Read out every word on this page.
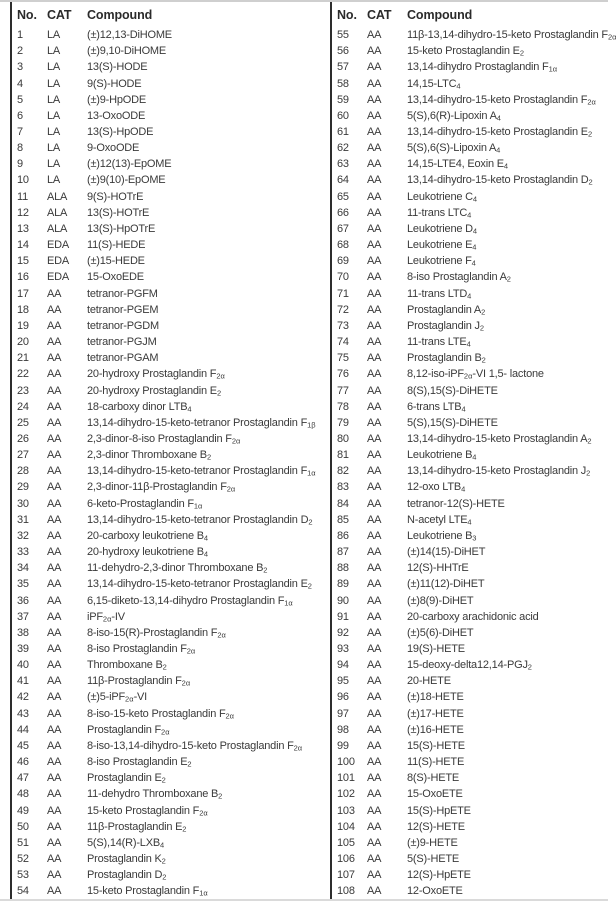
No. CAT	Compound
1	LA	(±)12,13-DiHOME
2	LA	(±)9,10-DiHOME
3	LA	13(S)-HODE
4	LA	9(S)-HODE
5	LA	(±)9-HpODE
6	LA	13-OxoODE
7	LA	13(S)-HpODE
8	LA	9-OxoODE
9	LA	(±)12(13)-EpOME
10	LA	(±)9(10)-EpOME
11	ALA	9(S)-HOTrE
12	ALA	13(S)-HOTrE
13	ALA	13(S)-HpOTrE
14	EDA	11(S)-HEDE
15	EDA	(±)15-HEDE
16	EDA	15-OxoEDE
17	AA	tetranor-PGFM
18	AA	tetranor-PGEM
19	AA	tetranor-PGDM
20	AA	tetranor-PGJM
21	AA	tetranor-PGAM
22	AA	20-hydroxy Prostaglandin $F_{2\alpha}$
23	AA	20-hydroxy Prostaglandin $E_2$
24	AA	18-carboxy dinor $LTB_4$
25	AA	13,14-dihydro-15-keto-tetranor Prostaglandin $F_{1\beta}$
26	AA	2,3-dinor-8-iso Prostaglandin $F_{2\alpha}$
27	AA	2,3-dinor Thromboxane $B_2$
28	AA	13,14-dihydro-15-keto-tetranor Prostaglandin $F_{1\alpha}$
29	AA	2,3-dinor-11β-Prostaglandin $F_{2\alpha}$
30	AA	6-keto-Prostaglandin $F_{1\alpha}$
31	AA	13,14-dihydro-15-keto-tetranor Prostaglandin $D_2$
32	AA	20-carboxy leukotriene $B_4$
33	AA	20-hydroxy leukotriene $B_4$
34	AA	11-dehydro-2,3-dinor Thromboxane $B_2$
35	AA	13,14-dihydro-15-keto-tetranor Prostaglandin $E_2$
36	AA	6,15-diketo-13,14-dihydro Prostaglandin $F_{1\alpha}$
37	AA	iPF$_{2\alpha}$-IV
38	AA	8-iso-15(R)-Prostaglandin $F_{2\alpha}$
39	AA	8-iso Prostaglandin $F_{2\alpha}$
40	AA	Thromboxane $B_2$
41	AA	11β-Prostaglandin $F_{2\alpha}$
42	AA	(±)5-iPF$_{2\alpha}$-VI
43	AA	8-iso-15-keto Prostaglandin $F_{2\alpha}$
44	AA	Prostaglandin $F_{2\alpha}$
45	AA	8-iso-13,14-dihydro-15-keto Prostaglandin $F_{2\alpha}$
46	AA	8-iso Prostaglandin $E_2$
47	AA	Prostaglandin $E_2$
48	AA	11-dehydro Thromboxane $B_2$
49	AA	15-keto Prostaglandin $F_{2\alpha}$
50	AA	11β-Prostaglandin $E_2$
51	AA	$5(S),14(R)-LXB_4$
52	AA	Prostaglandin $K_2$
53	AA	Prostaglandin $D_2$
54	AA	15-keto Prostaglandin $F_{1\alpha}$
No. CAT	Compound
55	AA	11β-13,14-dihydro-15-keto Prostaglandin $F_{2\alpha}$
56	AA	15-keto Prostaglandin $E_2$
57	AA	13,14-dihydro Prostaglandin $F_{1\alpha}$
58	AA	$14,15-LTC_4$
59	AA	13,14-dihydro-15-keto Prostaglandin $F_{2\alpha}$
60	AA	5(S),6(R)-Lipoxin $A_4$
61	AA	13,14-dihydro-15-keto Prostaglandin $E_2$
62	AA	5(S),6(S)-Lipoxin $A_4$
63	AA	14,15-LTE4, Eoxin $E_4$
64	AA	13,14-dihydro-15-keto Prostaglandin $D_2$
65	AA	Leukotriene $C_4$
66	AA	11-trans $LTC_4$
67	AA	Leukotriene $D_4$
68	AA	Leukotriene $E_4$
69	AA	Leukotriene $F_4$
70	AA	8-iso Prostaglandin $A_2$
71	AA	11-trans $LTD_4$
72	AA	Prostaglandin $A_2$
73	AA	Prostaglandin $J_2$
74	AA	11-trans $LTE_4$
75	AA	Prostaglandin $B_2$
76	AA	8,12-iso-iPF$_{2\alpha}$-VI 1,5- lactone
77	AA	8(S),15(S)-DiHETE
78	AA	6-trans $LTB_4$
79	AA	5(S),15(S)-DiHETE
80	AA	13,14-dihydro-15-keto Prostaglandin $A_2$
81	AA	Leukotriene $B_4$
82	AA	13,14-dihydro-15-keto Prostaglandin $J_2$
83	AA	12-oxo $LTB_4$
84	AA	tetranor-12(S)-HETE
85	AA	N-acetyl $LTE_4$
86	AA	Leukotriene $B_3$
87	AA	(±)14(15)-DiHET
88	AA	12(S)-HHTrE
89	AA	(±)11(12)-DiHET
90	AA	(±)8(9)-DiHET
91	AA	20-carboxy arachidonic acid
92	AA	(±)5(6)-DiHET
93	AA	19(S)-HETE
94	AA	$15-deoxy-delta12,14-PGJ_2$
95	AA	20-HETE
96	AA	(±)18-HETE
97	AA	(±)17-HETE
98	AA	(±)16-HETE
99	AA	15(S)-HETE
100	AA	11(S)-HETE
101	AA	8(S)-HETE
102	AA	15-OxoETE
103	AA	15(S)-HpETE
104	AA	12(S)-HETE
105	AA	(±)9-HETE
106	AA	5(S)-HETE
107	AA	12(S)-HpETE
108	AA	12-OxoETE
